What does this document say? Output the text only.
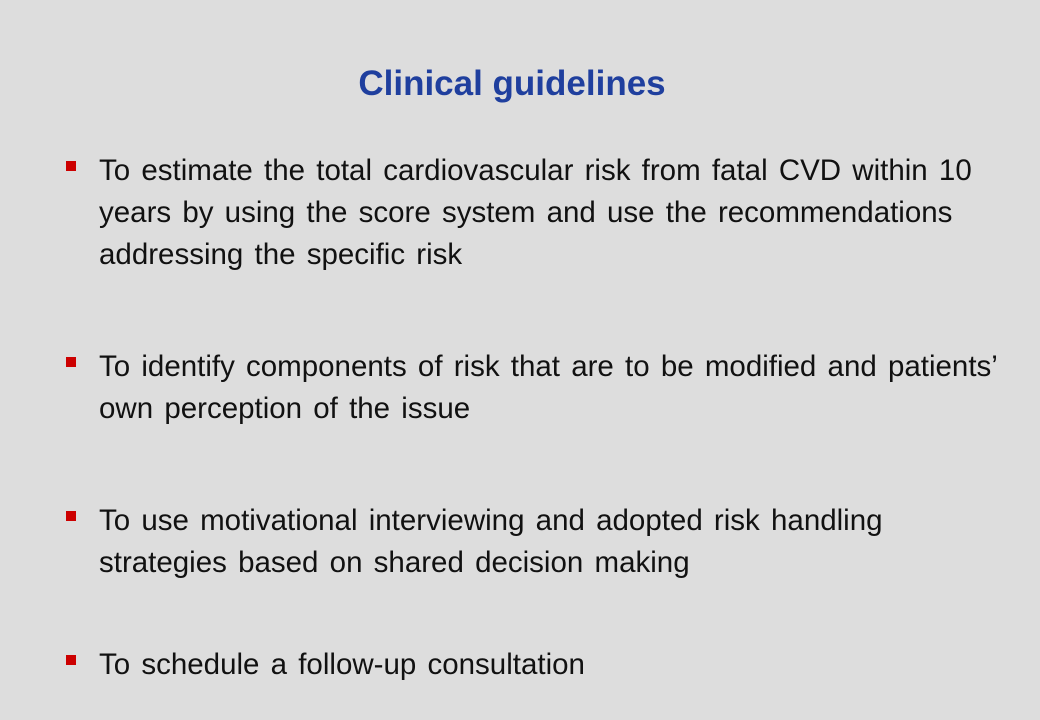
Clinical guidelines
To estimate the total cardiovascular risk from fatal CVD within 10 years by using the score system and use the recommendations addressing the specific risk
To identify components of risk that are to be modified and patients’ own perception of the issue
To use motivational interviewing and adopted risk handling strategies based on shared decision making
To schedule a follow-up consultation
